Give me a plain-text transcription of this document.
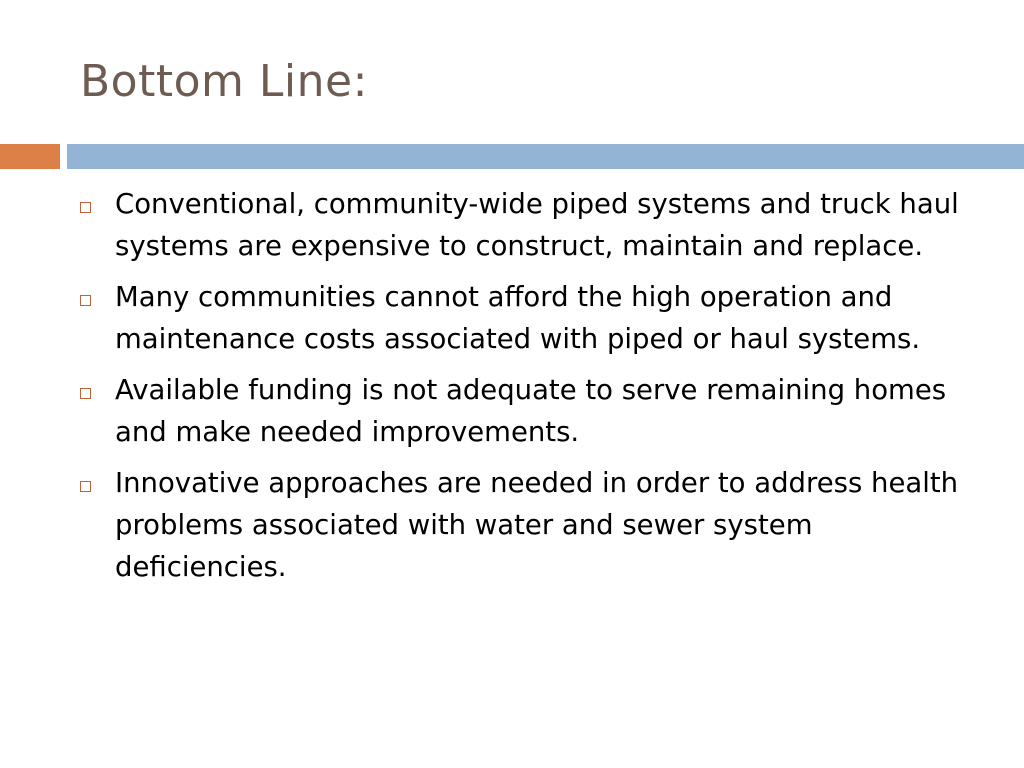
Bottom Line:
Conventional, community-wide piped systems and truck haul systems are expensive to construct, maintain and replace.
Many communities cannot afford the high operation and maintenance costs associated with piped or haul systems.
Available funding is not adequate to serve remaining homes and make needed improvements.
Innovative approaches are needed in order to address health problems associated with water and sewer system deficiencies.
